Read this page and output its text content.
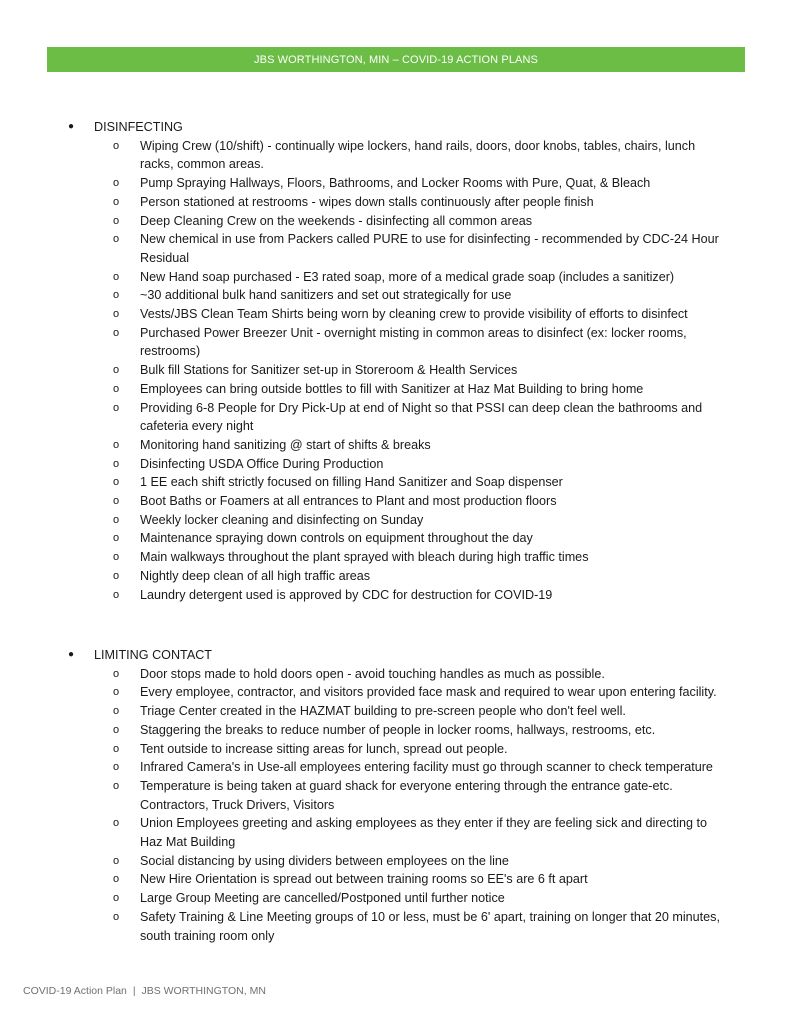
JBS WORTHINGTON, MIN – COVID-19 ACTION PLANS
● DISINFECTING
o Wiping Crew (10/shift) - continually wipe lockers, hand rails, doors, door knobs, tables, chairs, lunch
racks, common areas.
o Pump Spraying Hallways, Floors, Bathrooms, and Locker Rooms with Pure, Quat, & Bleach
o Person stationed at restrooms - wipes down stalls continuously after people finish
o Deep Cleaning Crew on the weekends - disinfecting all common areas
o New chemical in use from Packers called PURE to use for disinfecting - recommended by CDC-24 Hour
Residual
o New Hand soap purchased - E3 rated soap, more of a medical grade soap (includes a sanitizer)
o ~30 additional bulk hand sanitizers and set out strategically for use
o Vests/JBS Clean Team Shirts being worn by cleaning crew to provide visibility of efforts to disinfect
o Purchased Power Breezer Unit - overnight misting in common areas to disinfect (ex: locker rooms,
restrooms)
o Bulk fill Stations for Sanitizer set-up in Storeroom & Health Services
o Employees can bring outside bottles to fill with Sanitizer at Haz Mat Building to bring home
o Providing 6-8 People for Dry Pick-Up at end of Night so that PSSI can deep clean the bathrooms and
cafeteria every night
o Monitoring hand sanitizing @ start of shifts & breaks
o Disinfecting USDA Office During Production
o 1 EE each shift strictly focused on filling Hand Sanitizer and Soap dispenser
o Boot Baths or Foamers at all entrances to Plant and most production floors
o Weekly locker cleaning and disinfecting on Sunday
o Maintenance spraying down controls on equipment throughout the day
o Main walkways throughout the plant sprayed with bleach during high traffic times
o Nightly deep clean of all high traffic areas
o Laundry detergent used is approved by CDC for destruction for COVID-19
● LIMITING CONTACT
o Door stops made to hold doors open - avoid touching handles as much as possible.
o Every employee, contractor, and visitors provided face mask and required to wear upon entering facility.
o Triage Center created in the HAZMAT building to pre-screen people who don't feel well.
o Staggering the breaks to reduce number of people in locker rooms, hallways, restrooms, etc.
o Tent outside to increase sitting areas for lunch, spread out people.
o Infrared Camera's in Use-all employees entering facility must go through scanner to check temperature
o Temperature is being taken at guard shack for everyone entering through the entrance gate-etc.
Contractors, Truck Drivers, Visitors
o Union Employees greeting and asking employees as they enter if they are feeling sick and directing to
Haz Mat Building
o Social distancing by using dividers between employees on the line
o New Hire Orientation is spread out between training rooms so EE's are 6 ft apart
o Large Group Meeting are cancelled/Postponed until further notice
o Safety Training & Line Meeting groups of 10 or less, must be 6' apart, training on longer that 20 minutes,
south training room only
COVID-19 Action Plan | JBS WORTHINGTON, MN
